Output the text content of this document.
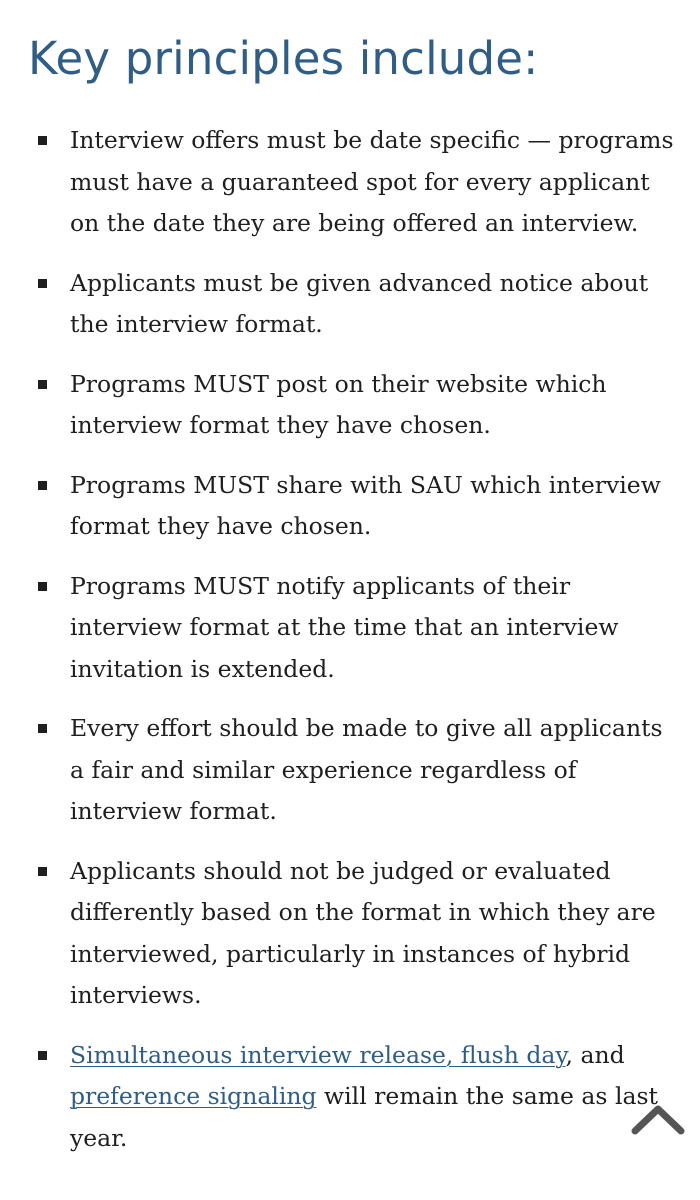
Key principles include:
Interview offers must be date specific — programs must have a guaranteed spot for every applicant on the date they are being offered an interview.
Applicants must be given advanced notice about the interview format.
Programs MUST post on their website which interview format they have chosen.
Programs MUST share with SAU which interview format they have chosen.
Programs MUST notify applicants of their interview format at the time that an interview invitation is extended.
Every effort should be made to give all applicants a fair and similar experience regardless of interview format.
Applicants should not be judged or evaluated differently based on the format in which they are interviewed, particularly in instances of hybrid interviews.
Simultaneous interview release, flush day, and preference signaling will remain the same as last year.
